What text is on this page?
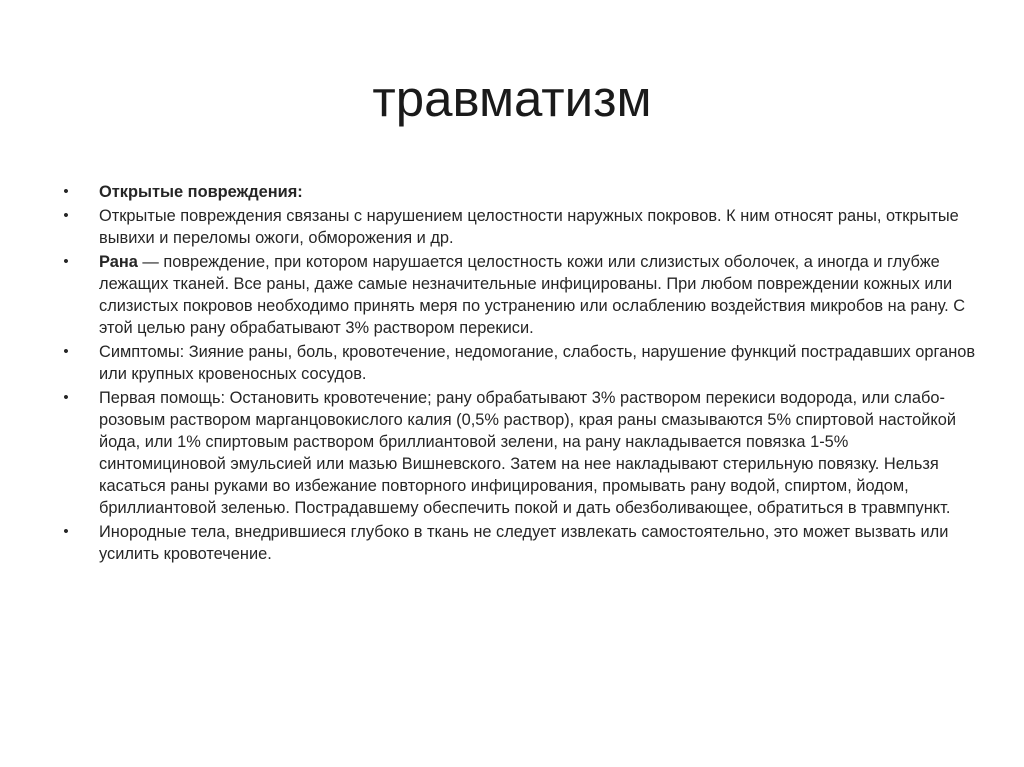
травматизм
•	Открытые повреждения:
•	Открытые повреждения связаны с нарушением целостности наружных покровов. К ним относят раны, открытые вывихи и переломы ожоги, обморожения и др.
•	Рана — повреждение, при котором нарушается целостность кожи или слизистых оболочек, а иногда и глубже лежащих тканей. Все раны, даже самые незначительные инфицированы. При любом повреждении кожных или слизистых покровов необходимо принять меря по устранению или ослаблению воздействия микробов на рану. С этой целью рану обрабатывают 3% раствором перекиси.
•	Симптомы: Зияние раны, боль, кровотечение, недомогание, слабость, нарушение функций пострадавших органов или крупных кровеносных сосудов.
•	Первая помощь: Остановить кровотечение; рану обрабатывают 3% раствором перекиси водорода, или слабо-розовым раствором марганцовокислого калия (0,5% раствор), края раны смазываются 5% спиртовой настойкой йода, или 1% спиртовым раствором бриллиантовой зелени, на рану накладывается повязка 1-5% синтомициновой эмульсией или мазью Вишневского. Затем на нее накладывают стерильную повязку. Нельзя касаться раны руками во избежание повторного инфицирования, промывать рану водой, спиртом, йодом, бриллиантовой зеленью. Пострадавшему обеспечить покой и дать обезболивающее, обратиться в травмпункт.
•	Инородные тела, внедрившиеся глубоко в ткань не следует извлекать самостоятельно, это может вызвать или усилить кровотечение.
